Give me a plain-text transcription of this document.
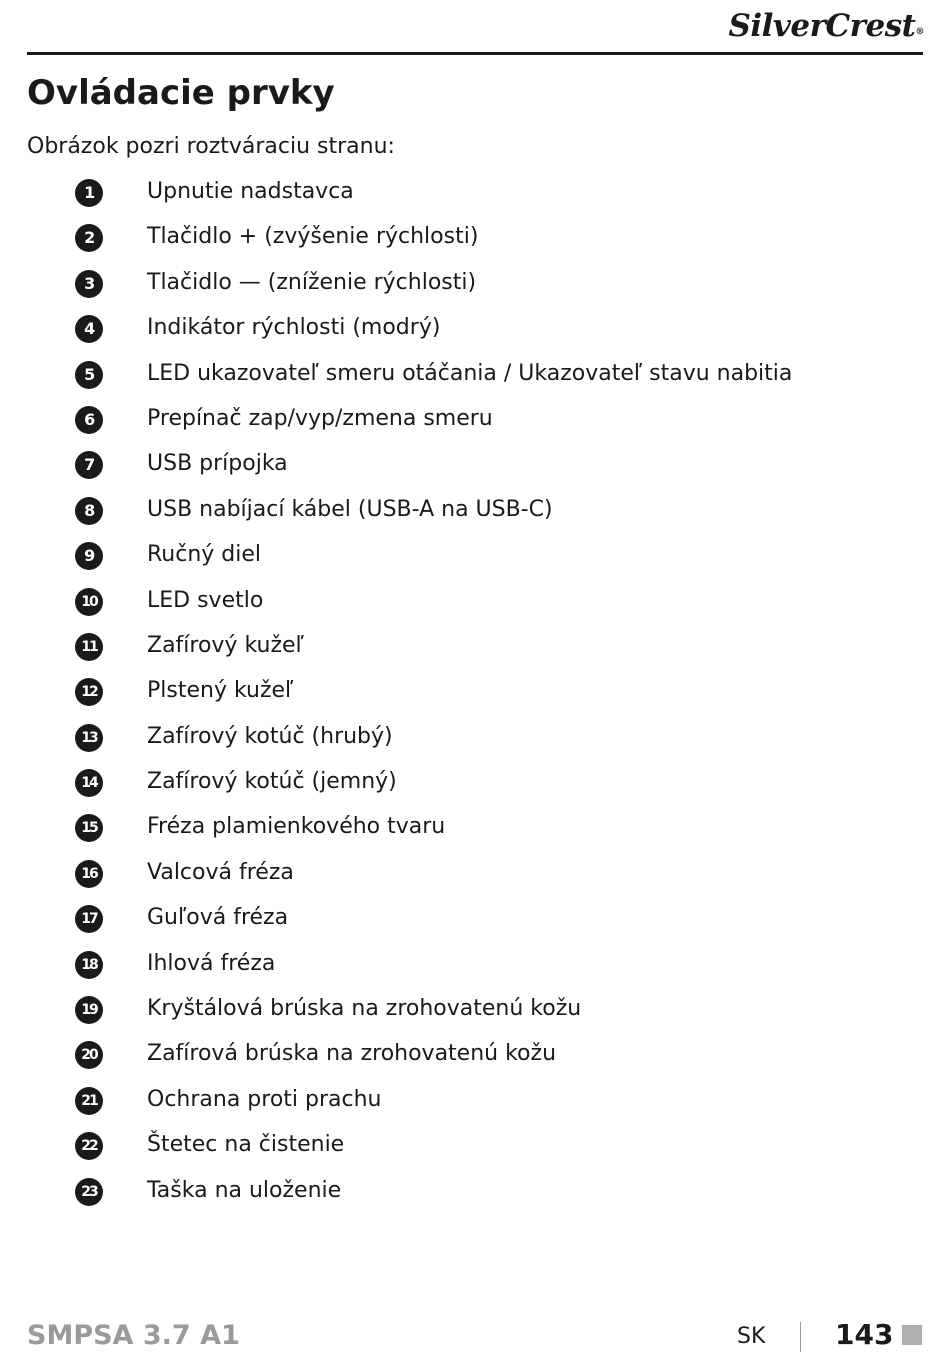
SilverCrest®
Ovládacie prvky

Obrázok pozri roztváraciu stranu:

1	Upnutie nadstavca
2	Tlačidlo + (zvýšenie rýchlosti)
3	Tlačidlo — (zníženie rýchlosti)
4	Indikátor rýchlosti (modrý)
5	LED ukazovateľ smeru otáčania / Ukazovateľ stavu nabitia
6	Prepínač zap/vyp/zmena smeru
7	USB prípojka
8	USB nabíjací kábel (USB-A na USB-C)
9	Ručný diel
10 LED svetlo
11 Zafírový kužeľ
12 Plstený kužeľ
13 Zafírový kotúč (hrubý)
14 Zafírový kotúč (jemný)
15 Fréza plamienkového tvaru
16 Valcová fréza
17 Guľová fréza
18 Ihlová fréza
19 Kryštálová brúska na zrohovatenú kožu
20 Zafírová brúska na zrohovatenú kožu
21 Ochrana proti prachu
22 Štetec na čistenie
23 Taška na uloženie
SMPSA 3.7 A1	SK 143
